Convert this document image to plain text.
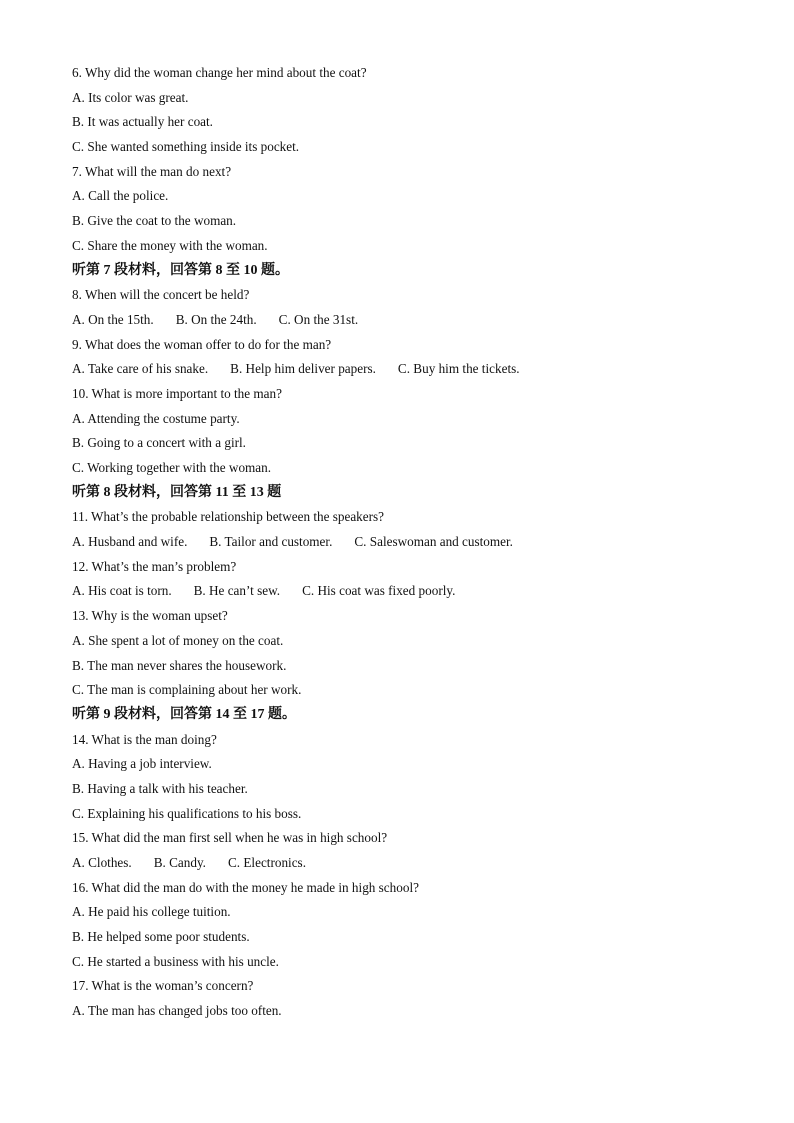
6. Why did the woman change her mind about the coat?
A. Its color was great.
B. It was actually her coat.
C. She wanted something inside its pocket.
7. What will the man do next?
A. Call the police.
B. Give the coat to the woman.
C. Share the money with the woman.
听第 7 段材料，回答第 8 至 10 题。
8. When will the concert be held?
A. On the 15th. B. On the 24th. C. On the 31st.
9. What does the woman offer to do for the man?
A. Take care of his snake. B. Help him deliver papers. C. Buy him the tickets.
10. What is more important to the man?
A. Attending the costume party.
B. Going to a concert with a girl.
C. Working together with the woman.
听第 8 段材料，回答第 11 至 13 题
11. What’s the probable relationship between the speakers?
A. Husband and wife. B. Tailor and customer. C. Saleswoman and customer.
12. What’s the man’s problem?
A. His coat is torn. B. He can’t sew. C. His coat was fixed poorly.
13. Why is the woman upset?
A. She spent a lot of money on the coat.
B. The man never shares the housework.
C. The man is complaining about her work.
听第 9 段材料，回答第 14 至 17 题。
14. What is the man doing?
A. Having a job interview.
B. Having a talk with his teacher.
C. Explaining his qualifications to his boss.
15. What did the man first sell when he was in high school?
A. Clothes. B. Candy. C. Electronics.
16. What did the man do with the money he made in high school?
A. He paid his college tuition.
B. He helped some poor students.
C. He started a business with his uncle.
17. What is the woman’s concern?
A. The man has changed jobs too often.
